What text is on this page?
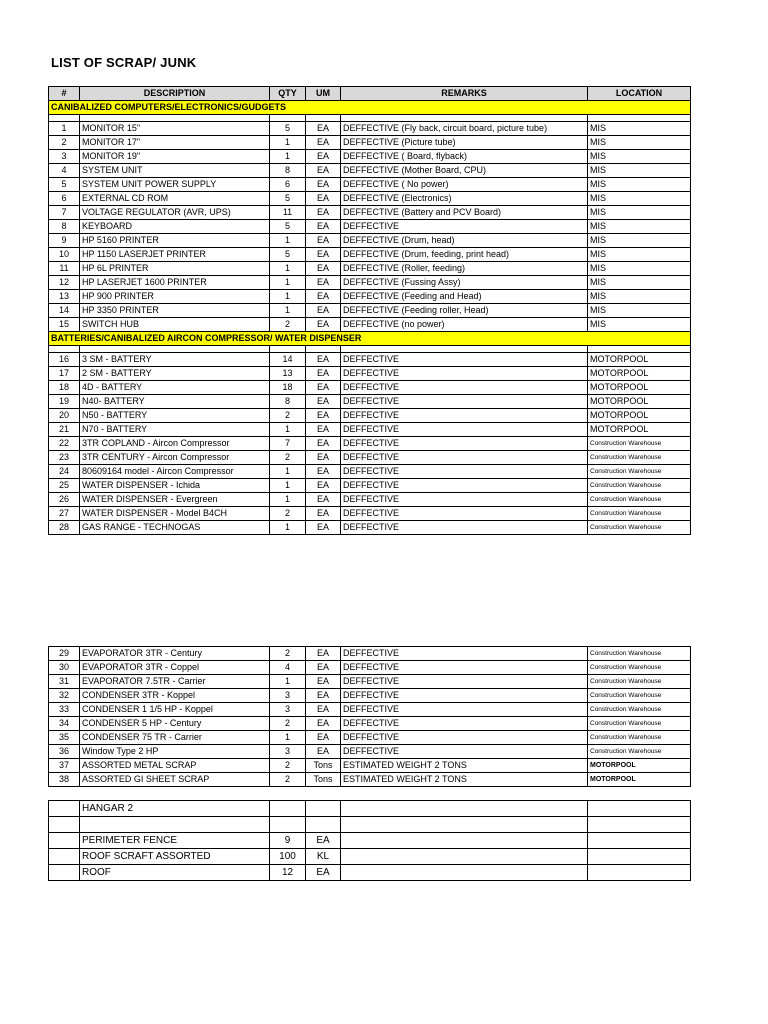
LIST OF SCRAP/ JUNK
#	DESCRIPTION	QTY	UM	REMARKS	LOCATION
CANIBALIZED COMPUTERS/ELECTRONICS/GUDGETS					

1	MONITOR 15"	5	EA	DEFFECTIVE (Fly back, circuit board, picture tube)	MIS
2	MONITOR 17"	1	EA	DEFFECTIVE (Picture tube)	MIS
3	MONITOR 19"	1	EA	DEFFECTIVE ( Board, flyback)	MIS
4	SYSTEM UNIT	8	EA	DEFFECTIVE (Mother Board, CPU)	MIS
5	SYSTEM UNIT POWER SUPPLY	6	EA	DEFFECTIVE ( No power)	MIS
6	EXTERNAL CD ROM	5	EA	DEFFECTIVE (Electronics)	MIS
7	VOLTAGE REGULATOR (AVR, UPS)	11	EA	DEFFECTIVE (Battery and PCV Board)	MIS
8	KEYBOARD	5	EA	DEFFECTIVE	MIS
9	HP 5160 PRINTER	1	EA	DEFFECTIVE (Drum, head)	MIS
10	HP 1150 LASERJET PRINTER	5	EA	DEFFECTIVE (Drum, feeding, print head)	MIS
11	HP 6L PRINTER	1	EA	DEFFECTIVE (Roller, feeding)	MIS
12	HP LASERJET 1600 PRINTER	1	EA	DEFFECTIVE (Fussing Assy)	MIS
13	HP 900 PRINTER	1	EA	DEFFECTIVE (Feeding and Head)	MIS
14	HP 3350 PRINTER	1	EA	DEFFECTIVE (Feeding roller, Head)	MIS
15	SWITCH HUB	2	EA	DEFFECTIVE (no power)	MIS
BATTERIES/CANIBALIZED AIRCON COMPRESSOR/ WATER DISPENSER					

16	3 SM - BATTERY	14	EA	DEFFECTIVE	MOTORPOOL
17	2 SM - BATTERY	13	EA	DEFFECTIVE	MOTORPOOL
18	4D - BATTERY	18	EA	DEFFECTIVE	MOTORPOOL
19	N40- BATTERY	8	EA	DEFFECTIVE	MOTORPOOL
20	N50 - BATTERY	2	EA	DEFFECTIVE	MOTORPOOL
21	N70 - BATTERY	1	EA	DEFFECTIVE	MOTORPOOL
22	3TR COPLAND - Aircon Compressor	7	EA	DEFFECTIVE	Construction Warehouse
23	3TR CENTURY - Aircon Compressor	2	EA	DEFFECTIVE	Construction Warehouse
24	80609164 model - Aircon Compressor	1	EA	DEFFECTIVE	Construction Warehouse
25	WATER DISPENSER - Ichida	1	EA	DEFFECTIVE	Construction Warehouse
26	WATER DISPENSER - Evergreen	1	EA	DEFFECTIVE	Construction Warehouse
27	WATER DISPENSER - Model B4CH	2	EA	DEFFECTIVE	Construction Warehouse
28	GAS RANGE - TECHNOGAS	1	EA	DEFFECTIVE	Construction Warehouse
29	EVAPORATOR 3TR - Century	2	EA	DEFFECTIVE	Construction Warehouse
30	EVAPORATOR 3TR - Coppel	4	EA	DEFFECTIVE	Construction Warehouse
31	EVAPORATOR 7.5TR - Carrier	1	EA	DEFFECTIVE	Construction Warehouse
32	CONDENSER 3TR - Koppel	3	EA	DEFFECTIVE	Construction Warehouse
33	CONDENSER 1 1/5 HP - Koppel	3	EA	DEFFECTIVE	Construction Warehouse
34	CONDENSER 5 HP - Century	2	EA	DEFFECTIVE	Construction Warehouse
35	CONDENSER 75 TR - Carrier	1	EA	DEFFECTIVE	Construction Warehouse
36	Window Type 2 HP	3	EA	DEFFECTIVE	Construction Warehouse
37	ASSORTED METAL SCRAP	2	Tons	ESTIMATED WEIGHT 2 TONS	MOTORPOOL
38	ASSORTED GI SHEET SCRAP	2	Tons	ESTIMATED WEIGHT 2 TONS	MOTORPOOL
	HANGAR 2				

	PERIMETER FENCE	9	EA		
	ROOF SCRAFT ASSORTED	100	KL		
	ROOF	12	EA		
